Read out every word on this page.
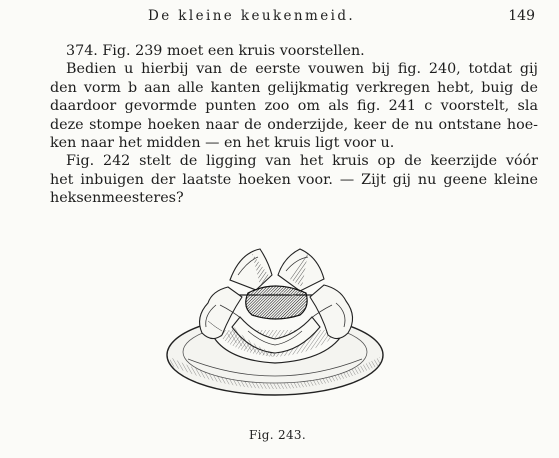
De kleine keukenmeid.	149
374. Fig. 239 moet een kruis voorstellen.
Bedien u hierbij van de eerste vouwen bij fig. 240, totdat gij
den vorm b aan alle kanten gelijkmatig verkregen hebt, buig de
daardoor gevormde punten zoo om als fig. 241 c voorstelt, sla
deze stompe hoeken naar de onderzijde, keer de nu ontstane hoe-
ken naar het midden — en het kruis ligt voor u.
Fig. 242 stelt de ligging van het kruis op de keerzijde vóór
het inbuigen der laatste hoeken voor. — Zijt gij nu geene kleine
heksenmeesteres?
Fig. 243.
